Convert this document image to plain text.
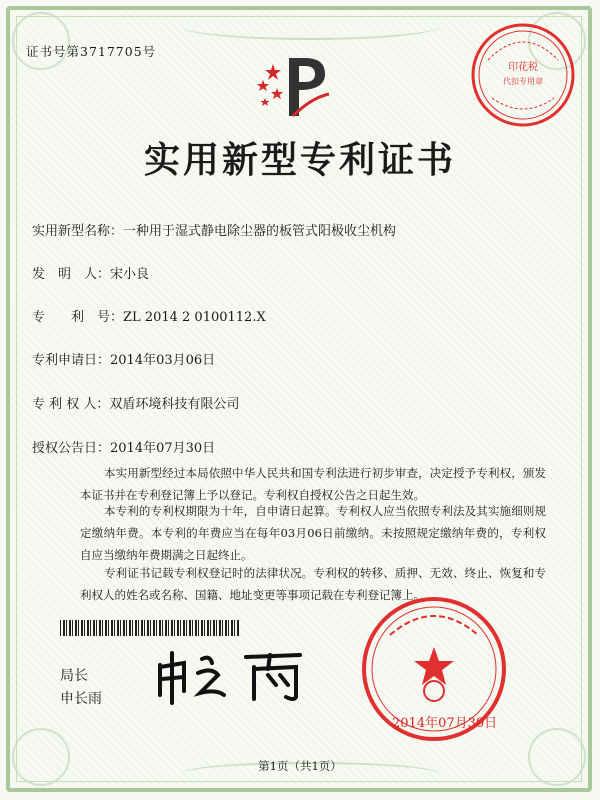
证书号第3717705号
实用新型专利证书
实用新型名称：一种用于湿式静电除尘器的板管式阳极收尘机构
发　明　人：宋小良
专　　利　号：ZL 2014 2 0100112.X
专利申请日：2014年03月06日
专 利 权 人：双盾环境科技有限公司
授权公告日：2014年07月30日
本实用新型经过本局依照中华人民共和国专利法进行初步审查，决定授予专利权，颁发本证书并在专利登记簿上予以登记。专利权自授权公告之日起生效。
本专利的专利权期限为十年，自申请日起算。专利权人应当依照专利法及其实施细则规定缴纳年费。本专利的年费应当在每年03月06日前缴纳。未按照规定缴纳年费的，专利权自应当缴纳年费期满之日起终止。
专利证书记载专利权登记时的法律状况。专利权的转移、质押、无效、终止、恢复和专利权人的姓名或名称、国籍、地址变更等事项记载在专利登记簿上。
局长
申长雨
印花税
代扣专用章
2014年07月30日
第1页（共1页）
